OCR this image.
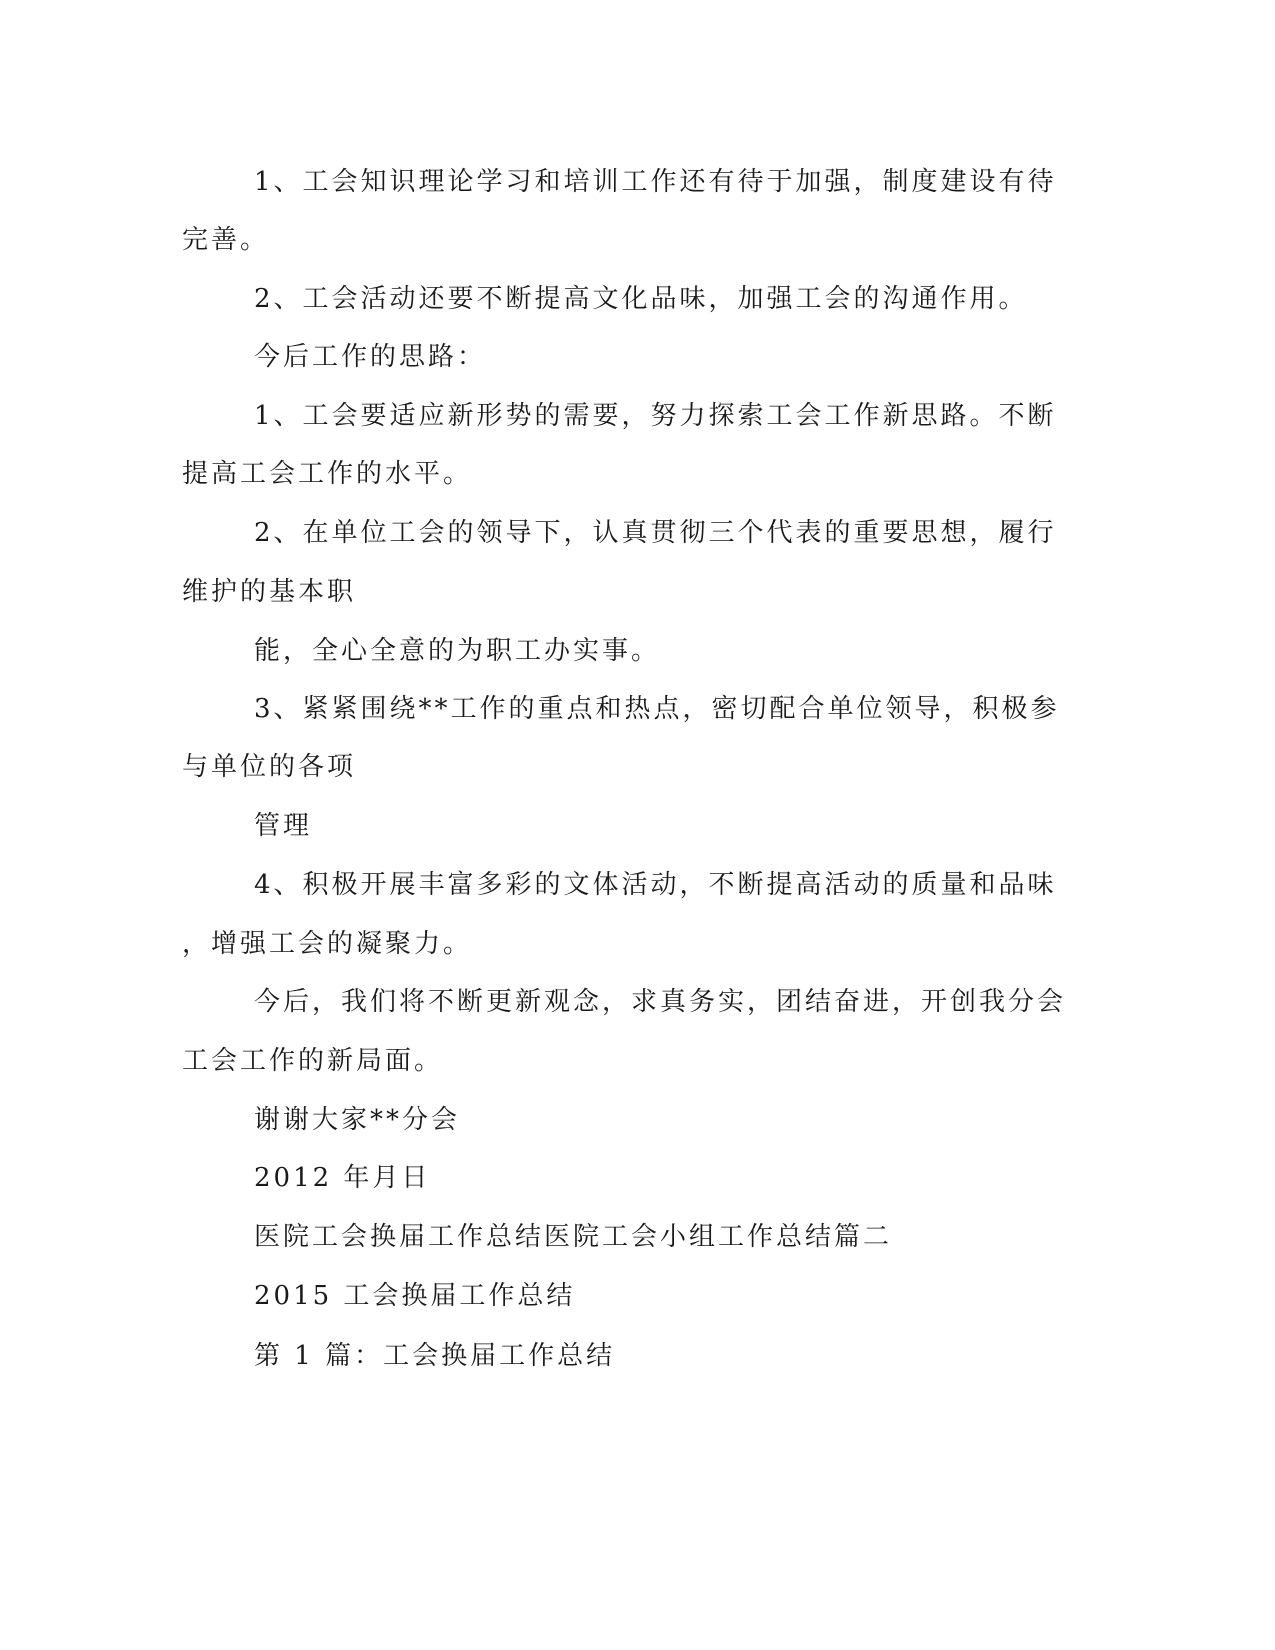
1、工会知识理论学习和培训工作还有待于加强，制度建设有待
完善。
2、工会活动还要不断提高文化品味，加强工会的沟通作用。
今后工作的思路：
1、工会要适应新形势的需要，努力探索工会工作新思路。不断
提高工会工作的水平。
2、在单位工会的领导下，认真贯彻三个代表的重要思想，履行
维护的基本职
能，全心全意的为职工办实事。
3、紧紧围绕**工作的重点和热点，密切配合单位领导，积极参
与单位的各项
管理
4、积极开展丰富多彩的文体活动，不断提高活动的质量和品味
，增强工会的凝聚力。
今后，我们将不断更新观念，求真务实，团结奋进，开创我分会
工会工作的新局面。
谢谢大家**分会
2012 年月日
医院工会换届工作总结医院工会小组工作总结篇二
2015 工会换届工作总结
第 1 篇：工会换届工作总结
